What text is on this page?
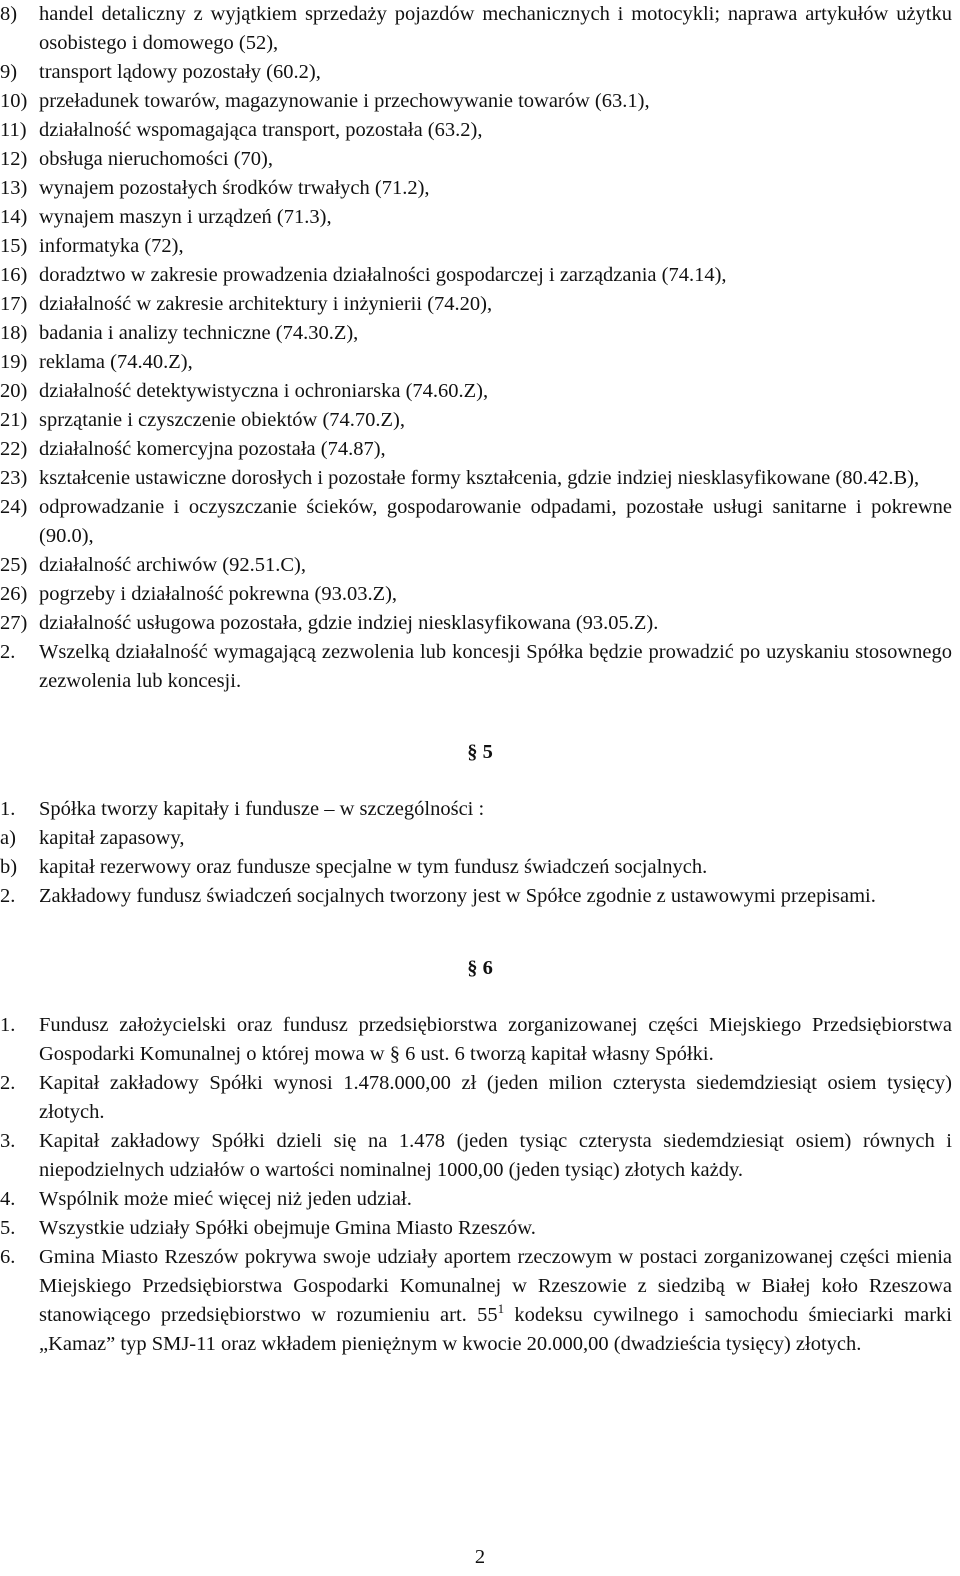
8)	handel detaliczny z wyjątkiem sprzedaży pojazdów mechanicznych i motocykli; naprawa artykułów użytku osobistego i domowego (52),
9)	transport lądowy pozostały (60.2),
10) przeładunek towarów, magazynowanie i przechowywanie towarów (63.1),
11) działalność wspomagająca transport, pozostała (63.2),
12) obsługa nieruchomości (70),
13) wynajem pozostałych środków trwałych (71.2),
14) wynajem maszyn i urządzeń (71.3),
15) informatyka (72),
16) doradztwo w zakresie prowadzenia działalności gospodarczej i zarządzania (74.14),
17) działalność w zakresie architektury i inżynierii (74.20),
18) badania i analizy techniczne (74.30.Z),
19) reklama (74.40.Z),
20) działalność detektywistyczna i ochroniarska (74.60.Z),
21) sprzątanie i czyszczenie obiektów (74.70.Z),
22) działalność komercyjna pozostała (74.87),
23) kształcenie ustawiczne dorosłych i pozostałe formy kształcenia, gdzie indziej niesklasyfikowane (80.42.B),
24) odprowadzanie i oczyszczanie ścieków, gospodarowanie odpadami, pozostałe usługi sanitarne i pokrewne (90.0),
25) działalność archiwów (92.51.C),
26) pogrzeby i działalność pokrewna (93.03.Z),
27) działalność usługowa pozostała, gdzie indziej niesklasyfikowana (93.05.Z).
2.	Wszelką działalność wymagającą zezwolenia lub koncesji Spółka będzie prowadzić po uzyskaniu stosownego zezwolenia lub koncesji.
§ 5
1.	Spółka tworzy kapitały i fundusze – w szczególności :
a)	kapitał zapasowy,
b)	kapitał rezerwowy oraz fundusze specjalne w tym fundusz świadczeń socjalnych.
2.	Zakładowy fundusz świadczeń socjalnych tworzony jest w Spółce zgodnie z ustawowymi przepisami.
§ 6
1.	Fundusz założycielski oraz fundusz przedsiębiorstwa zorganizowanej części Miejskiego Przedsiębiorstwa Gospodarki Komunalnej o której mowa w § 6 ust. 6 tworzą kapitał własny Spółki.
2.	Kapitał zakładowy Spółki wynosi 1.478.000,00 zł (jeden milion czterysta siedemdziesiąt osiem tysięcy) złotych.
3.	Kapitał zakładowy Spółki dzieli się na 1.478 (jeden tysiąc czterysta siedemdziesiąt osiem) równych i niepodzielnych udziałów o wartości nominalnej 1000,00 (jeden tysiąc) złotych każdy.
4.	Wspólnik może mieć więcej niż jeden udział.
5.	Wszystkie udziały Spółki obejmuje Gmina Miasto Rzeszów.
6.	Gmina Miasto Rzeszów pokrywa swoje udziały aportem rzeczowym w postaci zorganizowanej części mienia Miejskiego Przedsiębiorstwa Gospodarki Komunalnej w Rzeszowie z siedzibą w Białej koło Rzeszowa stanowiącego przedsiębiorstwo w rozumieniu art. $55^1$ kodeksu cywilnego i samochodu śmieciarki marki „Kamaz” typ SMJ-11 oraz wkładem pieniężnym w kwocie 20.000,00 (dwadzieścia tysięcy) złotych.
2
